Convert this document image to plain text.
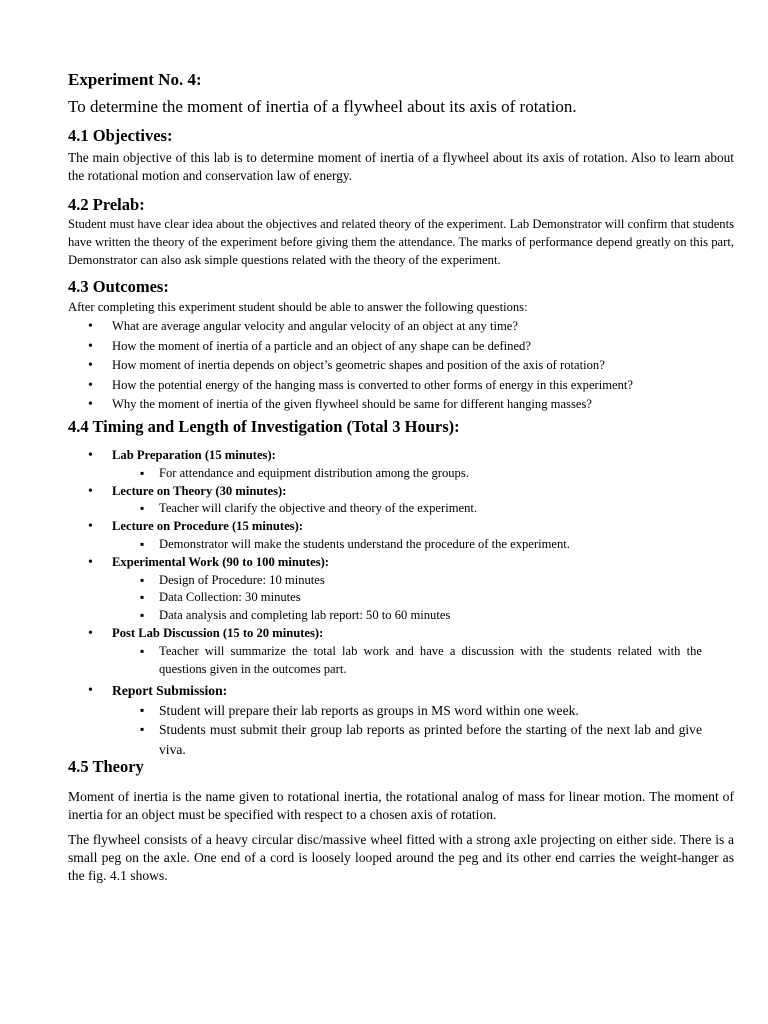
Experiment No. 4:

To determine the moment of inertia of a flywheel about its axis of rotation.

4.1 Objectives:

The main objective of this lab is to determine moment of inertia of a flywheel about its axis of rotation. Also to learn about the rotational motion and conservation law of energy.

4.2 Prelab:

Student must have clear idea about the objectives and related theory of the experiment. Lab Demonstrator will confirm that students have written the theory of the experiment before giving them the attendance. The marks of performance depend greatly on this part, Demonstrator can also ask simple questions related with the theory of the experiment.

4.3 Outcomes:

After completing this experiment student should be able to answer the following questions:

• What are average angular velocity and angular velocity of an object at any time?
• How the moment of inertia of a particle and an object of any shape can be defined?
• How moment of inertia depends on object’s geometric shapes and position of the axis of rotation?
• How the potential energy of the hanging mass is converted to other forms of energy in this experiment?
• Why the moment of inertia of the given flywheel should be same for different hanging masses?
4.4 Timing and Length of Investigation (Total 3 Hours):
• Lab Preparation (15 minutes):
▪ For attendance and equipment distribution among the groups.
• Lecture on Theory (30 minutes):
▪ Teacher will clarify the objective and theory of the experiment.
• Lecture on Procedure (15 minutes):
▪ Demonstrator will make the students understand the procedure of the experiment.
• Experimental Work (90 to 100 minutes):
▪ Design of Procedure: 10 minutes
▪ Data Collection: 30 minutes
▪ Data analysis and completing lab report: 50 to 60 minutes
• Post Lab Discussion (15 to 20 minutes):
▪ Teacher will summarize the total lab work and have a discussion with the students related with the questions given in the outcomes part.
• Report Submission:
▪ Student will prepare their lab reports as groups in MS word within one week.
▪ Students must submit their group lab reports as printed before the starting of the next lab and give viva.
4.5 Theory

Moment of inertia is the name given to rotational inertia, the rotational analog of mass for linear motion. The moment of inertia for an object must be specified with respect to a chosen axis of rotation.

The flywheel consists of a heavy circular disc/massive wheel fitted with a strong axle projecting on either side. There is a small peg on the axle. One end of a cord is loosely looped around the peg and its other end carries the weight-hanger as the fig. 4.1 shows.
